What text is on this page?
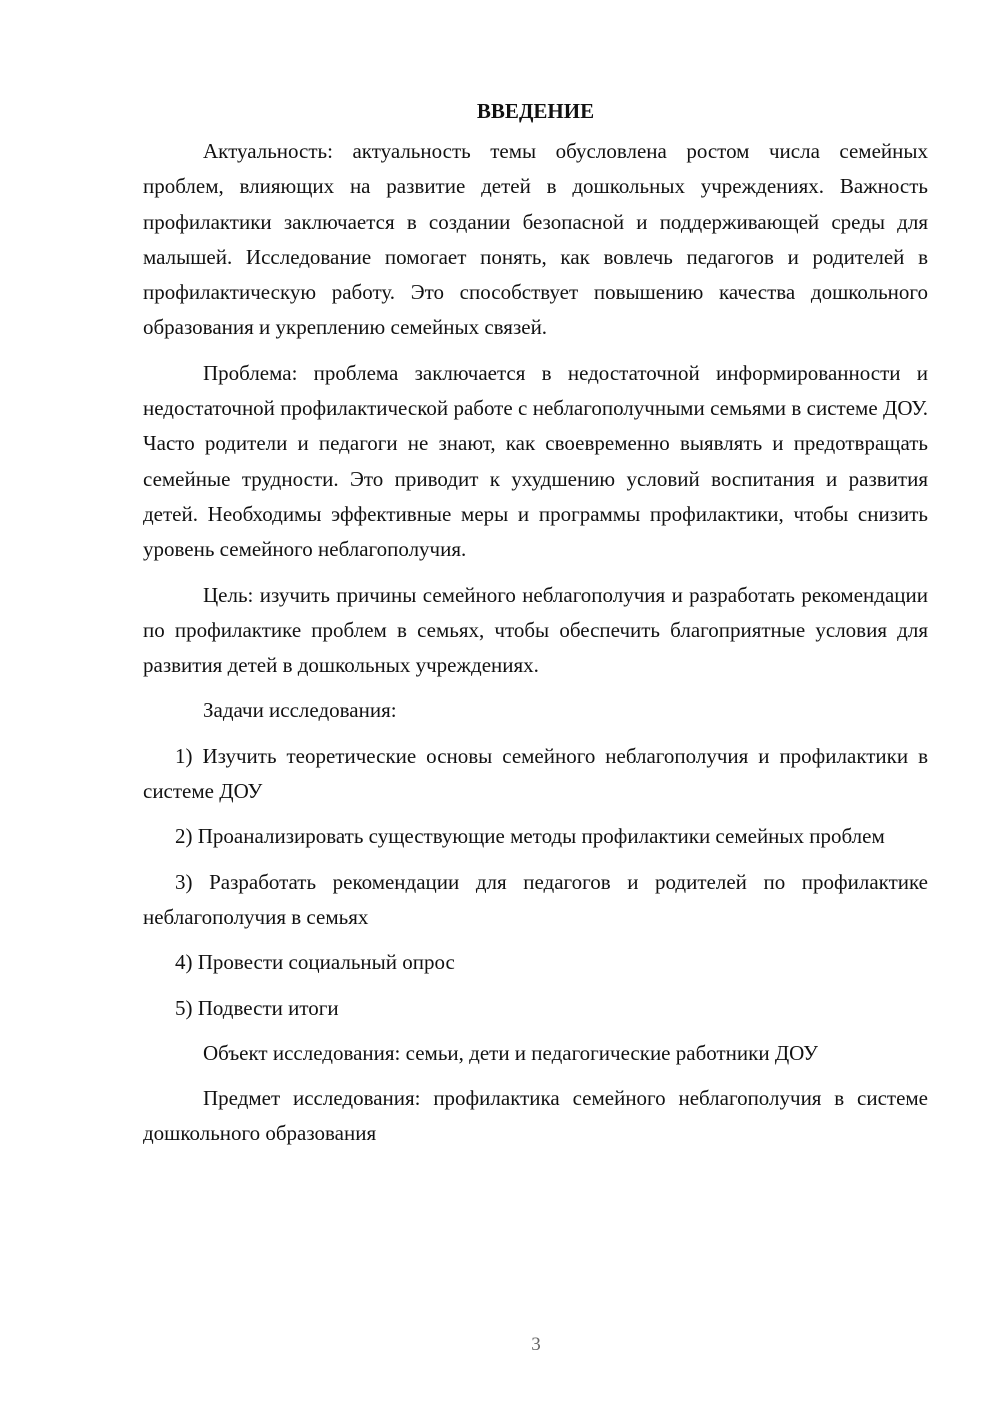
ВВЕДЕНИЕ

Актуальность: актуальность темы обусловлена ростом числа семейных проблем, влияющих на развитие детей в дошкольных учреждениях. Важность профилактики заключается в создании безопасной и поддерживающей среды для малышей. Исследование помогает понять, как вовлечь педагогов и родителей в профилактическую работу. Это способствует повышению качества дошкольного образования и укреплению семейных связей.

Проблема: проблема заключается в недостаточной информированности и недостаточной профилактической работе с неблагополучными семьями в системе ДОУ. Часто родители и педагоги не знают, как своевременно выявлять и предотвращать семейные трудности. Это приводит к ухудшению условий воспитания и развития детей. Необходимы эффективные меры и программы профилактики, чтобы снизить уровень семейного неблагополучия.

Цель: изучить причины семейного неблагополучия и разработать рекомендации по профилактике проблем в семьях, чтобы обеспечить благоприятные условия для развития детей в дошкольных учреждениях.

Задачи исследования:

1) Изучить теоретические основы семейного неблагополучия и профилактики в системе ДОУ

2) Проанализировать существующие методы профилактики семейных проблем

3) Разработать рекомендации для педагогов и родителей по профилактике неблагополучия в семьях

4) Провести социальный опрос

5) Подвести итоги

Объект исследования: семьи, дети и педагогические работники ДОУ

Предмет исследования: профилактика семейного неблагополучия в системе дошкольного образования

3
